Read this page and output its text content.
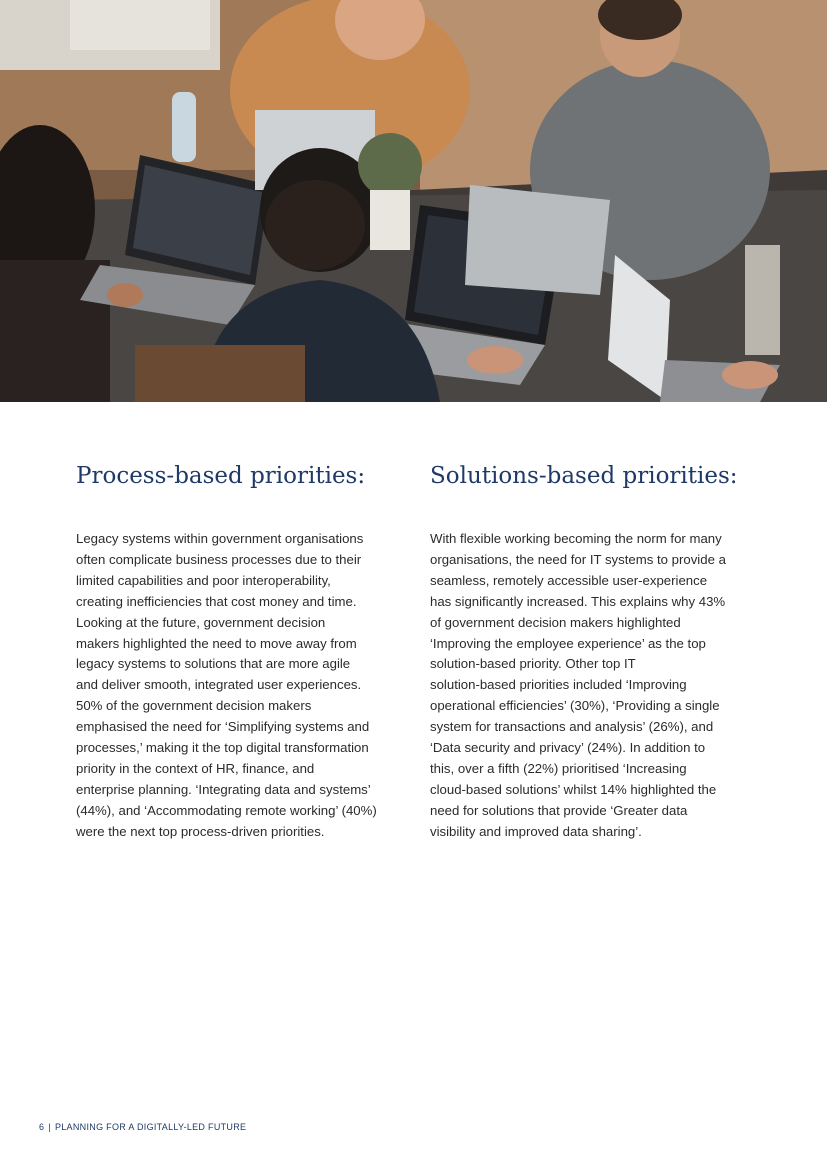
Process-based priorities:

Legacy systems within government organisations
often complicate business processes due to their
limited capabilities and poor interoperability,
creating inefficiencies that cost money and time.
Looking at the future, government decision
makers highlighted the need to move away from
legacy systems to solutions that are more agile
and deliver smooth, integrated user experiences.
50% of the government decision makers
emphasised the need for ‘Simplifying systems and
processes,’ making it the top digital transformation
priority in the context of HR, finance, and
enterprise planning. ‘Integrating data and systems’
(44%), and ‘Accommodating remote working’ (40%)
were the next top process-driven priorities.

Solutions-based priorities:

With flexible working becoming the norm for many
organisations, the need for IT systems to provide a
seamless, remotely accessible user-experience
has significantly increased. This explains why 43%
of government decision makers highlighted
‘Improving the employee experience’ as the top
solution-based priority. Other top IT
solution-based priorities included ‘Improving
operational efficiencies’ (30%), ‘Providing a single
system for transactions and analysis’ (26%), and
‘Data security and privacy’ (24%). In addition to
this, over a fifth (22%) prioritised ‘Increasing
cloud-based solutions’ whilst 14% highlighted the
need for solutions that provide ‘Greater data
visibility and improved data sharing’.

6 | PLANNING FOR A DIGITALLY-LED FUTURE
